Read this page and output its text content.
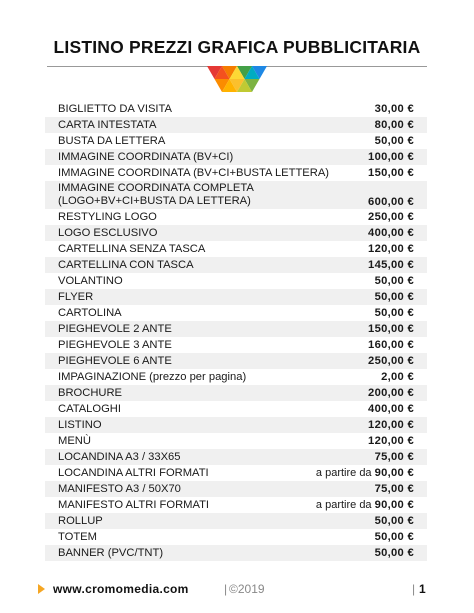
LISTINO PREZZI GRAFICA PUBBLICITARIA
BIGLIETTO DA VISITA	30,00 €
CARTA INTESTATA	80,00 €
BUSTA DA LETTERA	50,00 €
IMMAGINE COORDINATA (BV+CI)	100,00 €
IMMAGINE COORDINATA (BV+CI+BUSTA LETTERA)	150,00 €
IMMAGINE COORDINATA COMPLETA
(LOGO+BV+CI+BUSTA DA LETTERA)	600,00 €
RESTYLING LOGO	250,00 €
LOGO ESCLUSIVO	400,00 €
CARTELLINA SENZA TASCA	120,00 €
CARTELLINA CON TASCA	145,00 €
VOLANTINO	50,00 €
FLYER	50,00 €
CARTOLINA	50,00 €
PIEGHEVOLE 2 ANTE	150,00 €
PIEGHEVOLE 3 ANTE	160,00 €
PIEGHEVOLE 6 ANTE	250,00 €
IMPAGINAZIONE (prezzo per pagina)	2,00 €
BROCHURE	200,00 €
CATALOGHI	400,00 €
LISTINO	120,00 €
MENÙ	120,00 €
LOCANDINA A3 / 33X65	75,00 €
LOCANDINA ALTRI FORMATI	a partire da 90,00 €
MANIFESTO A3 / 50X70	75,00 €
MANIFESTO ALTRI FORMATI	a partire da 90,00 €
ROLLUP	50,00 €
TOTEM	50,00 €
BANNER (PVC/TNT)	50,00 €
www.cromomedia.com	| ©2019	| 1
